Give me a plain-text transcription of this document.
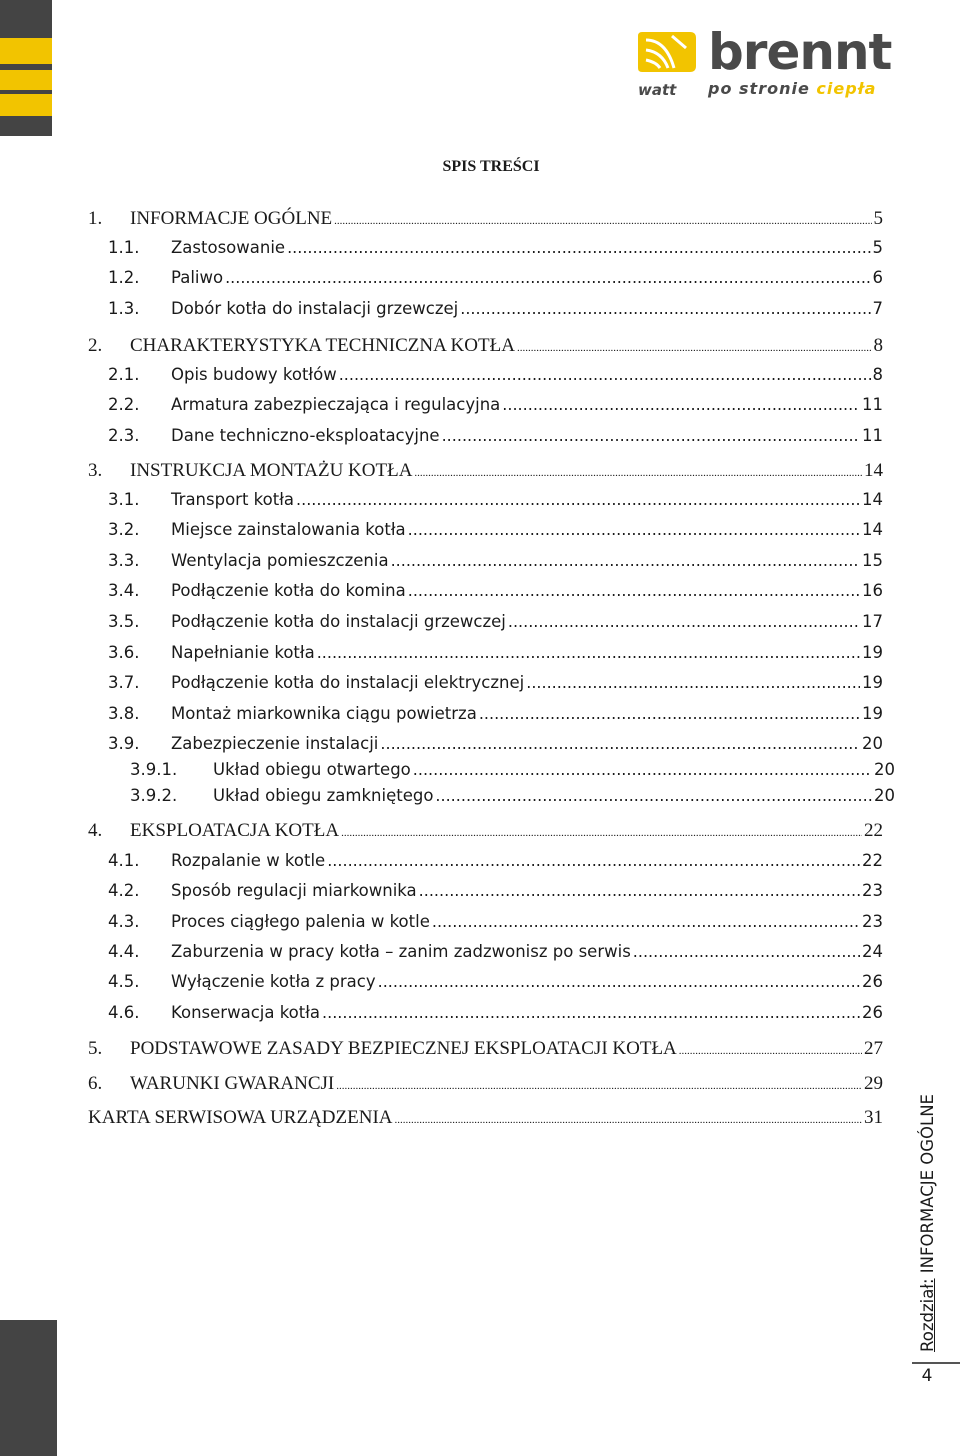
brennt
watt po stronie ciepła
SPIS TREŚCI
1.	INFORMACJE OGÓLNE .....	5
1.1.	Zastosowanie .....	5
1.2.	Paliwo .....	6
1.3.	Dobór kotła do instalacji grzewczej .....	7
2.	CHARAKTERYSTYKA TECHNICZNA KOTŁA .....	8
2.1.	Opis budowy kotłów .....	8
2.2.	Armatura zabezpieczająca i regulacyjna .....	11
2.3.	Dane techniczno-eksploatacyjne .....	11
3.	INSTRUKCJA MONTAŻU KOTŁA .....	14
3.1.	Transport kotła .....	14
3.2.	Miejsce zainstalowania kotła .....	14
3.3.	Wentylacja pomieszczenia .....	15
3.4.	Podłączenie kotła do komina .....	16
3.5.	Podłączenie kotła do instalacji grzewczej .....	17
3.6.	Napełnianie kotła .....	19
3.7.	Podłączenie kotła do instalacji elektrycznej .....	19
3.8.	Montaż miarkownika ciągu powietrza .....	19
3.9.	Zabezpieczenie instalacji .....	20
3.9.1.	Układ obiegu otwartego .....	20
3.9.2.	Układ obiegu zamkniętego .....	20
4.	EKSPLOATACJA KOTŁA .....	22
4.1.	Rozpalanie w kotle .....	22
4.2.	Sposób regulacji miarkownika .....	23
4.3.	Proces ciągłego palenia w kotle .....	23
4.4.	Zaburzenia w pracy kotła – zanim zadzwonisz po serwis .....	24
4.5.	Wyłączenie kotła z pracy .....	26
4.6.	Konserwacja kotła .....	26
5.	PODSTAWOWE ZASADY BEZPIECZNEJ EKSPLOATACJI KOTŁA .....	27
6.	WARUNKI GWARANCJI .....	29
KARTA SERWISOWA URZĄDZENIA .....	31
Rozdział: INFORMACJE OGÓLNE
4
